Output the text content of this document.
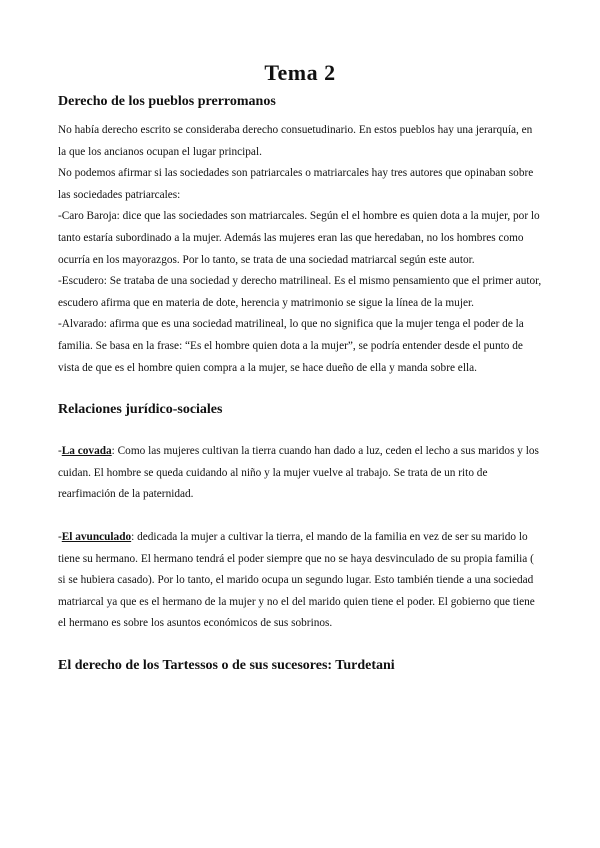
Tema 2
Derecho de los pueblos prerromanos

No había derecho escrito se consideraba derecho consuetudinario. En estos pueblos hay una jerarquía, en la que los ancianos ocupan el lugar principal.

No podemos afirmar si las sociedades son patriarcales o matriarcales hay tres autores que opinaban sobre las sociedades patriarcales:

-Caro Baroja: dice que las sociedades son matriarcales. Según el el hombre es quien dota a la mujer, por lo tanto estaría subordinado a la mujer. Además las mujeres eran las que heredaban, no los hombres como ocurría en los mayorazgos. Por lo tanto, se trata de una sociedad matriarcal según este autor.

-Escudero: Se trataba de una sociedad y derecho matrilineal. Es el mismo pensamiento que el primer autor, escudero afirma que en materia de dote, herencia y matrimonio se sigue la línea de la mujer.

-Alvarado: afirma que es una sociedad matrilineal, lo que no significa que la mujer tenga el poder de la familia. Se basa en la frase: “Es el hombre quien dota a la mujer”, se podría entender desde el punto de vista de que es el hombre quien compra a la mujer, se hace dueño de ella y manda sobre ella.

Relaciones jurídico-sociales

-La covada: Como las mujeres cultivan la tierra cuando han dado a luz, ceden el lecho a sus maridos y los cuidan. El hombre se queda cuidando al niño y la mujer vuelve al trabajo. Se trata de un rito de rearfimación de la paternidad.

-El avunculado: dedicada la mujer a cultivar la tierra, el mando de la familia en vez de ser su marido lo tiene su hermano. El hermano tendrá el poder siempre que no se haya desvinculado de su propia familia ( si se hubiera casado). Por lo tanto, el marido ocupa un segundo lugar. Esto también tiende a una sociedad matriarcal ya que es el hermano de la mujer y no el del marido quien tiene el poder. El gobierno que tiene el hermano es sobre los asuntos económicos de sus sobrinos.

El derecho de los Tartessos o de sus sucesores: Turdetani
